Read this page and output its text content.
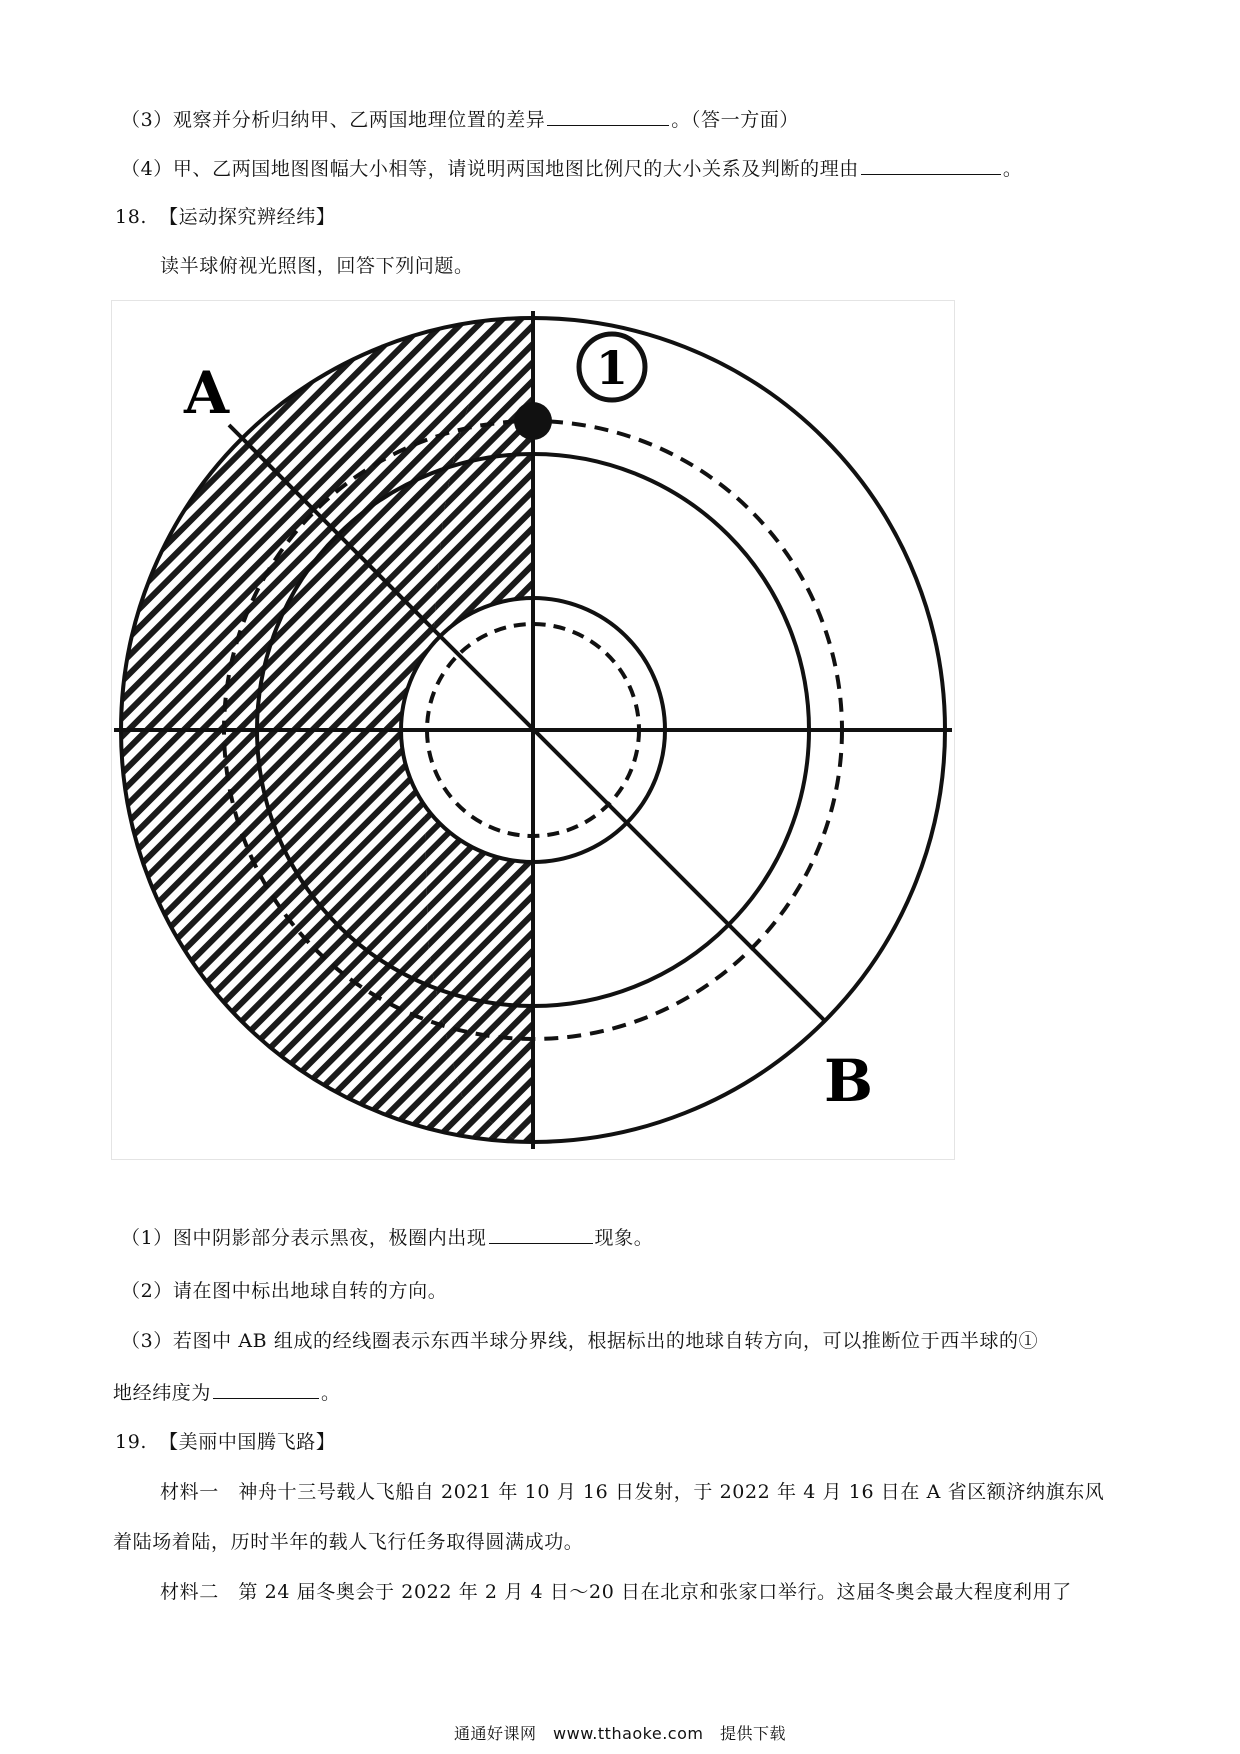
（3）观察并分析归纳甲、乙两国地理位置的差异	。（答一方面）
（4）甲、乙两国地图图幅大小相等，请说明两国地图比例尺的大小关系及判断的理由	。
18. 【运动探究辨经纬】
读半球俯视光照图，回答下列问题。
1
A
B
（1）图中阴影部分表示黑夜，极圈内出现	现象。
（2）请在图中标出地球自转的方向。
（3）若图中 AB 组成的经线圈表示东西半球分界线，根据标出的地球自转方向，可以推断位于西半球的①
地经纬度为	。
19. 【美丽中国腾飞路】
材料一　神舟十三号载人飞船自 2021 年 10 月 16 日发射，于 2022 年 4 月 16 日在 A 省区额济纳旗东风
着陆场着陆，历时半年的载人飞行任务取得圆满成功。
材料二　第 24 届冬奥会于 2022 年 2 月 4 日～20 日在北京和张家口举行。这届冬奥会最大程度利用了
通通好课网　www.tthaoke.com　提供下载
